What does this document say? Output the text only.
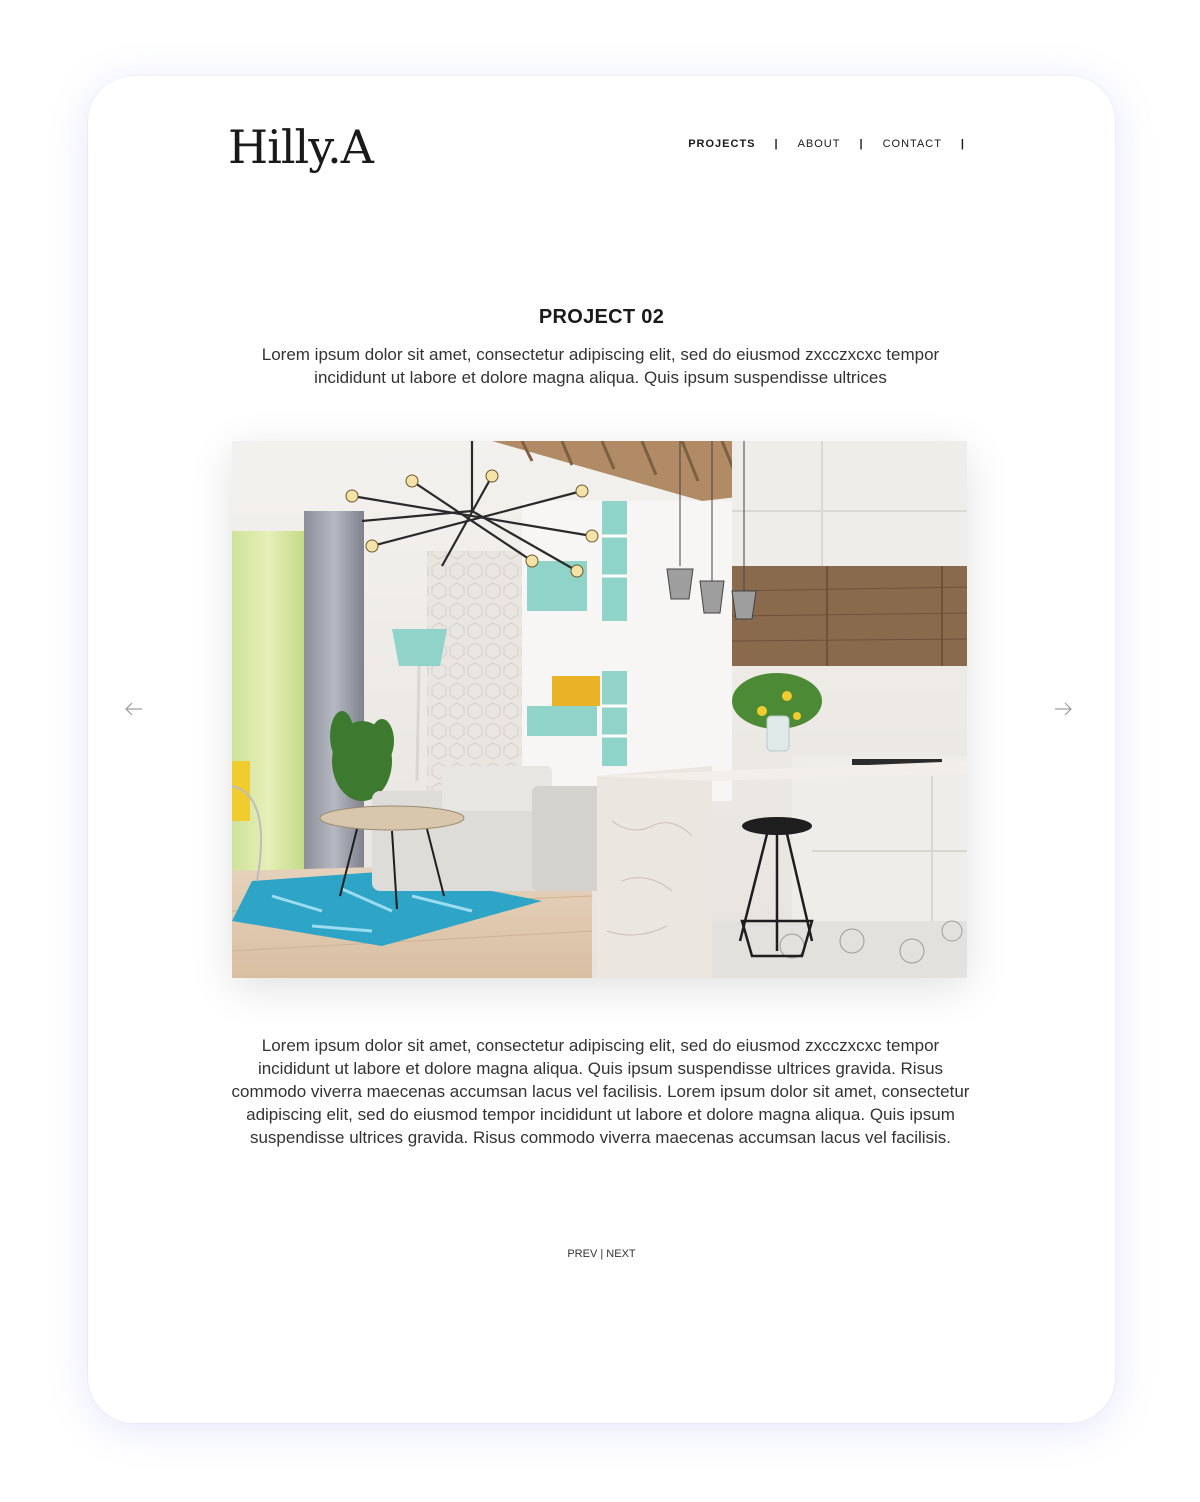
Hilly.A	PROJECTS | ABOUT | CONTACT |
PROJECT 02

Lorem ipsum dolor sit amet, consectetur adipiscing elit, sed do eiusmod zxcczxcxc tempor incididunt ut labore et dolore magna aliqua. Quis ipsum suspendisse ultrices

Lorem ipsum dolor sit amet, consectetur adipiscing elit, sed do eiusmod zxcczxcxc tempor incididunt ut labore et dolore magna aliqua. Quis ipsum suspendisse ultrices gravida. Risus commodo viverra maecenas accumsan lacus vel facilisis. Lorem ipsum dolor sit amet, consectetur adipiscing elit, sed do eiusmod tempor incididunt ut labore et dolore magna aliqua. Quis ipsum suspendisse ultrices gravida. Risus commodo viverra maecenas accumsan lacus vel facilisis.

PREV | NEXT
